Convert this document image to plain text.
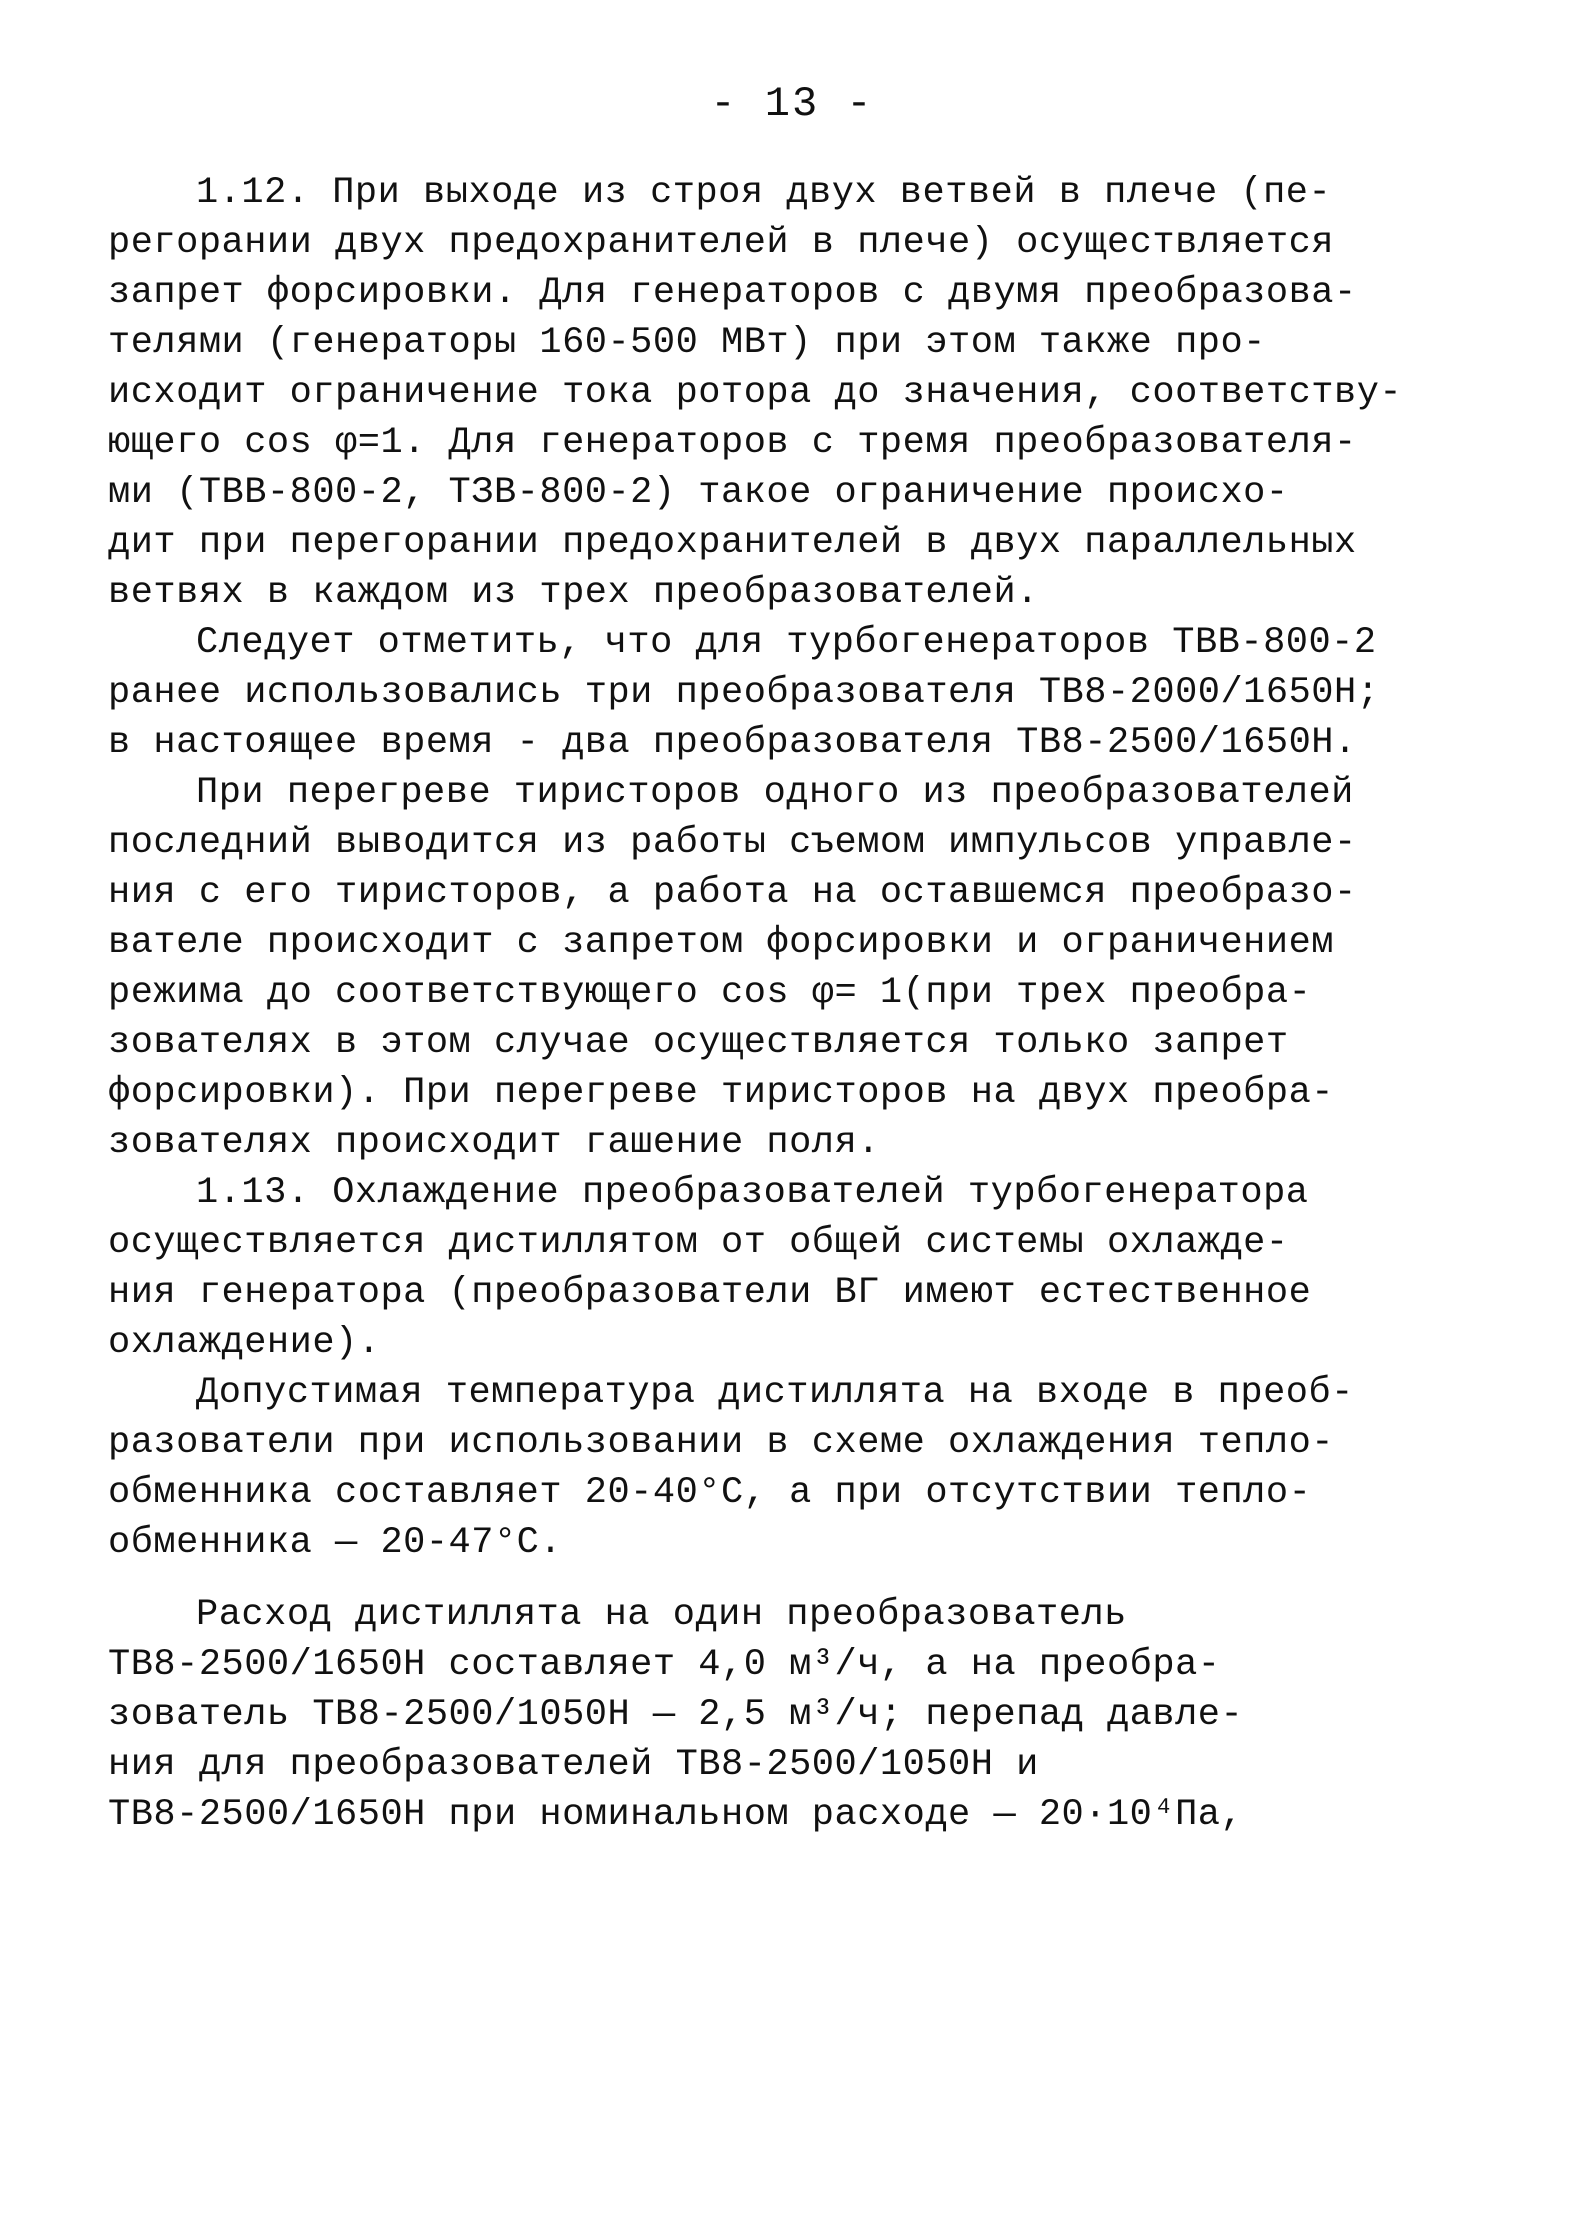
- 13 -
1.12. При выходе из строя двух ветвей в плече (пе-
регорании двух предохранителей в плече) осуществляется
запрет форсировки. Для генераторов с двумя преобразова-
телями (генераторы 160-500 МВт) при этом также про-
исходит ограничение тока ротора до значения, соответству-
ющего cos φ=1. Для генераторов с тремя преобразователя-
ми (ТВВ-800-2, ТЗВ-800-2) такое ограничение происхо-
дит при перегорании предохранителей в двух параллельных
ветвях в каждом из трех преобразователей.
Следует отметить, что для турбогенераторов ТВВ-800-2
ранее использовались три преобразователя ТВ8-2000/1650Н;
в настоящее время - два преобразователя ТВ8-2500/1650Н.
При перегреве тиристоров одного из преобразователей
последний выводится из работы съемом импульсов управле-
ния с его тиристоров, а работа на оставшемся преобразо-
вателе происходит с запретом форсировки и ограничением
режима до соответствующего cos φ= 1(при трех преобра-
зователях в этом случае осуществляется только запрет
форсировки). При перегреве тиристоров на двух преобра-
зователях происходит гашение поля.
1.13. Охлаждение преобразователей турбогенератора
осуществляется дистиллятом от общей системы охлажде-
ния генератора (преобразователи ВГ имеют естественное
охлаждение).
Допустимая температура дистиллята на входе в преоб-
разователи при использовании в схеме охлаждения тепло-
обменника составляет 20-40°С, а при отсутствии тепло-
обменника — 20-47°С.
Расход дистиллята на один преобразователь
ТВ8-2500/1650Н составляет 4,0 м³/ч, а на преобра-
зователь ТВ8-2500/1050Н — 2,5 м³/ч; перепад давле-
ния для преобразователей ТВ8-2500/1050Н и
ТВ8-2500/1650Н при номинальном расходе — 20·10⁴Па,
